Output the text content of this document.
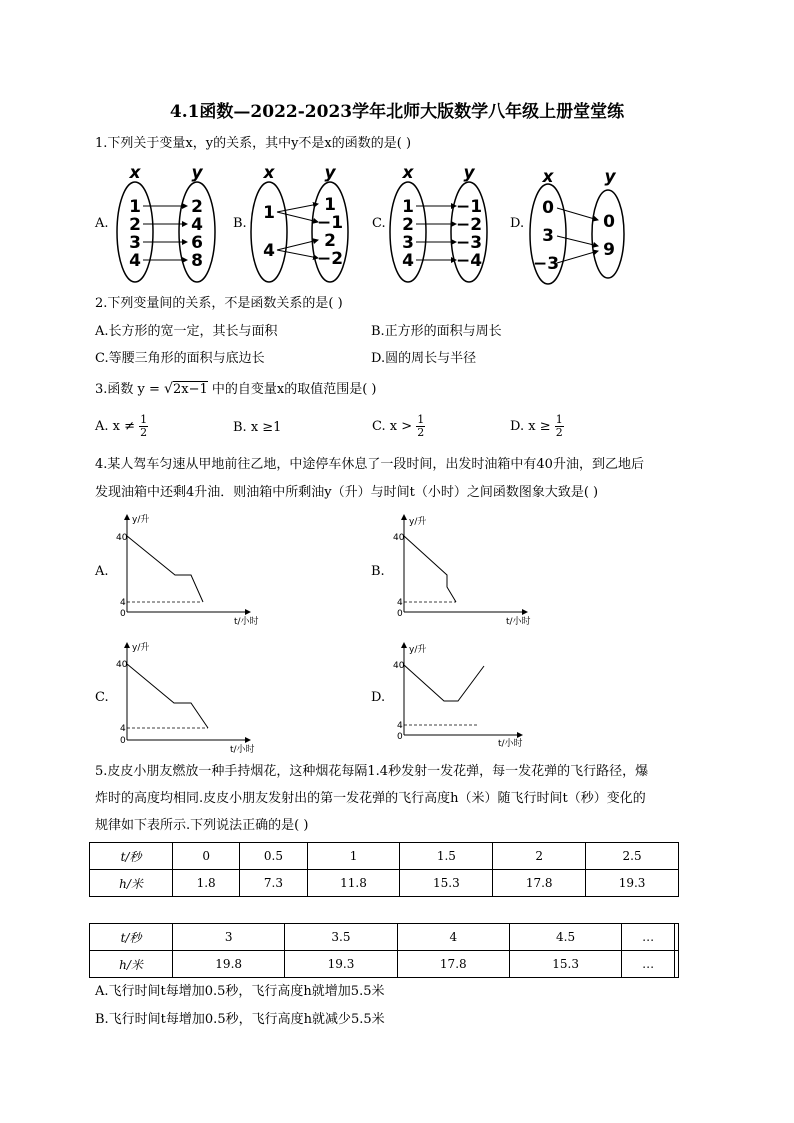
4.1函数—2022-2023学年北师大版数学八年级上册堂堂练
1.下列关于变量x，y的关系，其中y不是x的函数的是( )
A.	B.	C.	D.
x	y
1
2
3
4
2
4
6
8
x	y
1
4
1
−1
2
−2
x	y
1
2
3
4
−1
−2
−3
−4
x	y
0
3
−3
0
9
2.下列变量间的关系，不是函数关系的是( )
A.长方形的宽一定，其长与面积	B.正方形的面积与周长
C.等腰三角形的面积与底边长	D.圆的周长与半径
3.函数 y = √2x−1 中的自变量x的取值范围是( )
A. $x \ne \frac{1}{2}$	B. x ≥1	C. $x > \frac{1}{2}$	D. $x \ge \frac{1}{2}$
4.某人驾车匀速从甲地前往乙地，中途停车休息了一段时间，出发时油箱中有40升油，到乙地后
发现油箱中还剩4升油．则油箱中所剩油y（升）与时间t（小时）之间函数图象大致是( )
A.	B.
C.	D.
y/升
t/小时
40
4
0
y/升
t/小时
40
4
0
y/升
t/小时
40
4
0
y/升
t/小时
40
4
0
5.皮皮小朋友燃放一种手持烟花，这种烟花每隔1.4秒发射一发花弹，每一发花弹的飞行路径，爆
炸时的高度均相同.皮皮小朋友发射出的第一发花弹的飞行高度h（米）随飞行时间t（秒）变化的
规律如下表所示.下列说法正确的是( )
t/秒	0	0.5	1	1.5	2	2.5
h/米	1.8	7.3	11.8	15.3	17.8	19.3
t/秒	3	3.5	4	4.5	…	
h/米	19.8	19.3	17.8	15.3	…	
A.飞行时间t每增加0.5秒，飞行高度h就增加5.5米
B.飞行时间t每增加0.5秒，飞行高度h就减少5.5米
